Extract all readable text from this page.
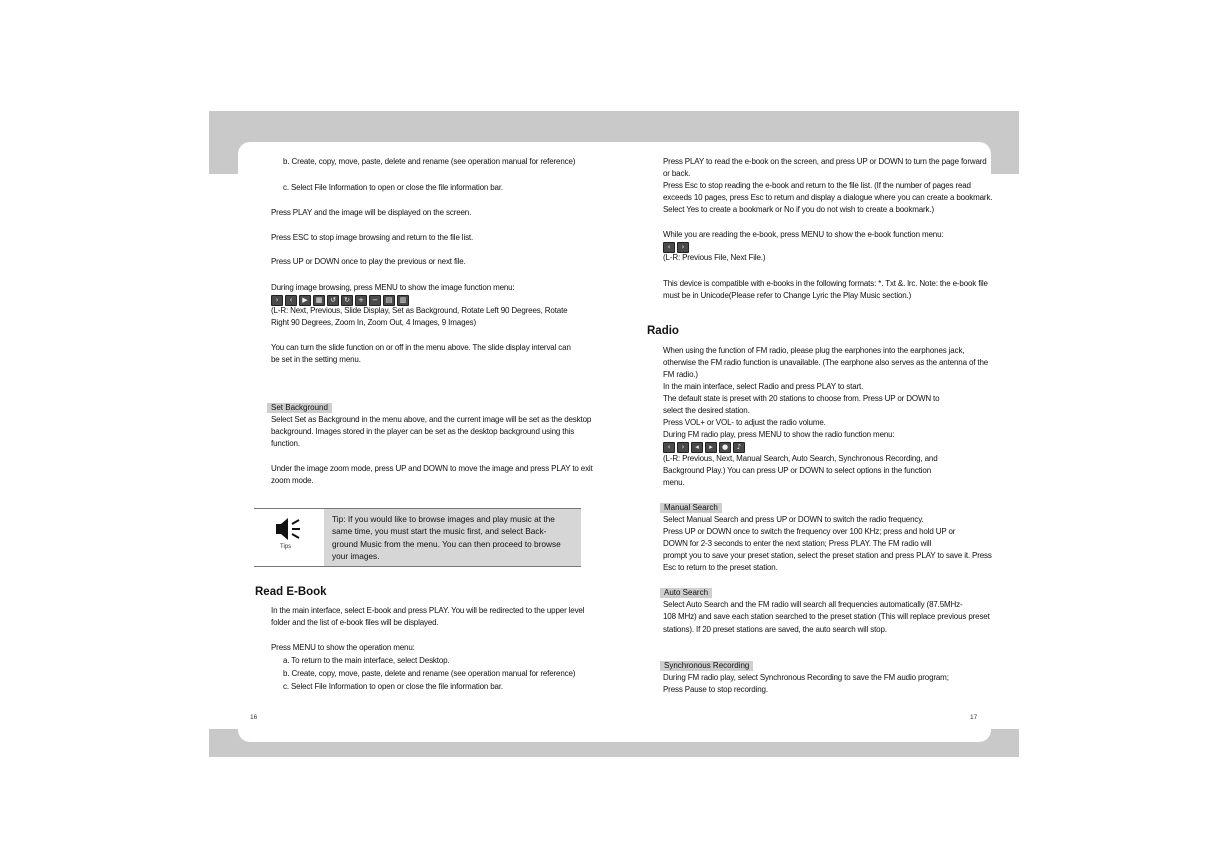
b. Create, copy, move, paste, delete and rename (see operation manual for reference)
c. Select File Information to open or close the file information bar.
Press PLAY and the image will be displayed on the screen.
Press ESC to stop image browsing and return to the file list.
Press UP or DOWN once to play the previous or next file.
During image browsing, press MENU to show the image function menu:
›	‹	▶	▦	↺	↻	+	−	▤	▥
(L-R: Next, Previous, Slide Display, Set as Background, Rotate Left 90 Degrees, Rotate
Right 90 Degrees, Zoom In, Zoom Out, 4 Images, 9 Images)
You can turn the slide function on or off in the menu above. The slide display interval can
be set in the setting menu.
Set Background
Select Set as Background in the menu above, and the current image will be set as the desktop
background. Images stored in the player can be set as the desktop background using this
function.
Under the image zoom mode, press UP and DOWN to move the image and press PLAY to exit
zoom mode.
Tips
Tip: If you would like to browse images and play music at the
same time, you must start the music first, and select Back-
ground Music from the menu. You can then proceed to browse
your images.
Read E-Book
In the main interface, select E-book and press PLAY. You will be redirected to the upper level
folder and the list of e-book files will be displayed.
Press MENU to show the operation menu:
a. To return to the main interface, select Desktop.
b. Create, copy, move, paste, delete and rename (see operation manual for reference)
c. Select File Information to open or close the file information bar.
16
Press PLAY to read the e-book on the screen, and press UP or DOWN to turn the page forward
or back.
Press Esc to stop reading the e-book and return to the file list. (If the number of pages read
exceeds 10 pages, press Esc to return and display a dialogue where you can create a bookmark.
Select Yes to create a bookmark or No if you do not wish to create a bookmark.)
While you are reading the e-book, press MENU to show the e-book function menu:
‹	›
(L-R: Previous File, Next File.)
This device is compatible with e-books in the following formats: *. Txt &. lrc. Note: the e-book file
must be in Unicode(Please refer to Change Lyric the Play Music section.)
Radio
When using the function of FM radio, please plug the earphones into the earphones jack,
otherwise the FM radio function is unavailable. (The earphone also serves as the antenna of the
FM radio.)
In the main interface, select Radio and press PLAY to start.
The default state is preset with 20 stations to choose from. Press UP or DOWN to
select the desired station.
Press VOL+ or VOL- to adjust the radio volume.
During FM radio play, press MENU to show the radio function menu:
‹	›	◂	▸	●	♪
(L-R: Previous, Next, Manual Search, Auto Search, Synchronous Recording, and
Background Play.) You can press UP or DOWN to select options in the function
menu.
Manual Search
Select Manual Search and press UP or DOWN to switch the radio frequency.
Press UP or DOWN once to switch the frequency over 100 KHz; press and hold UP or
DOWN for 2-3 seconds to enter the next station; Press PLAY. The FM radio will
prompt you to save your preset station, select the preset station and press PLAY to save it. Press
Esc to return to the preset station.
Auto Search
Select Auto Search and the FM radio will search all frequencies automatically (87.5MHz-
108 MHz) and save each station searched to the preset station (This will replace previous preset
stations). If 20 preset stations are saved, the auto search will stop.
Synchronous Recording
During FM radio play, select Synchronous Recording to save the FM audio program;
Press Pause to stop recording.
17
